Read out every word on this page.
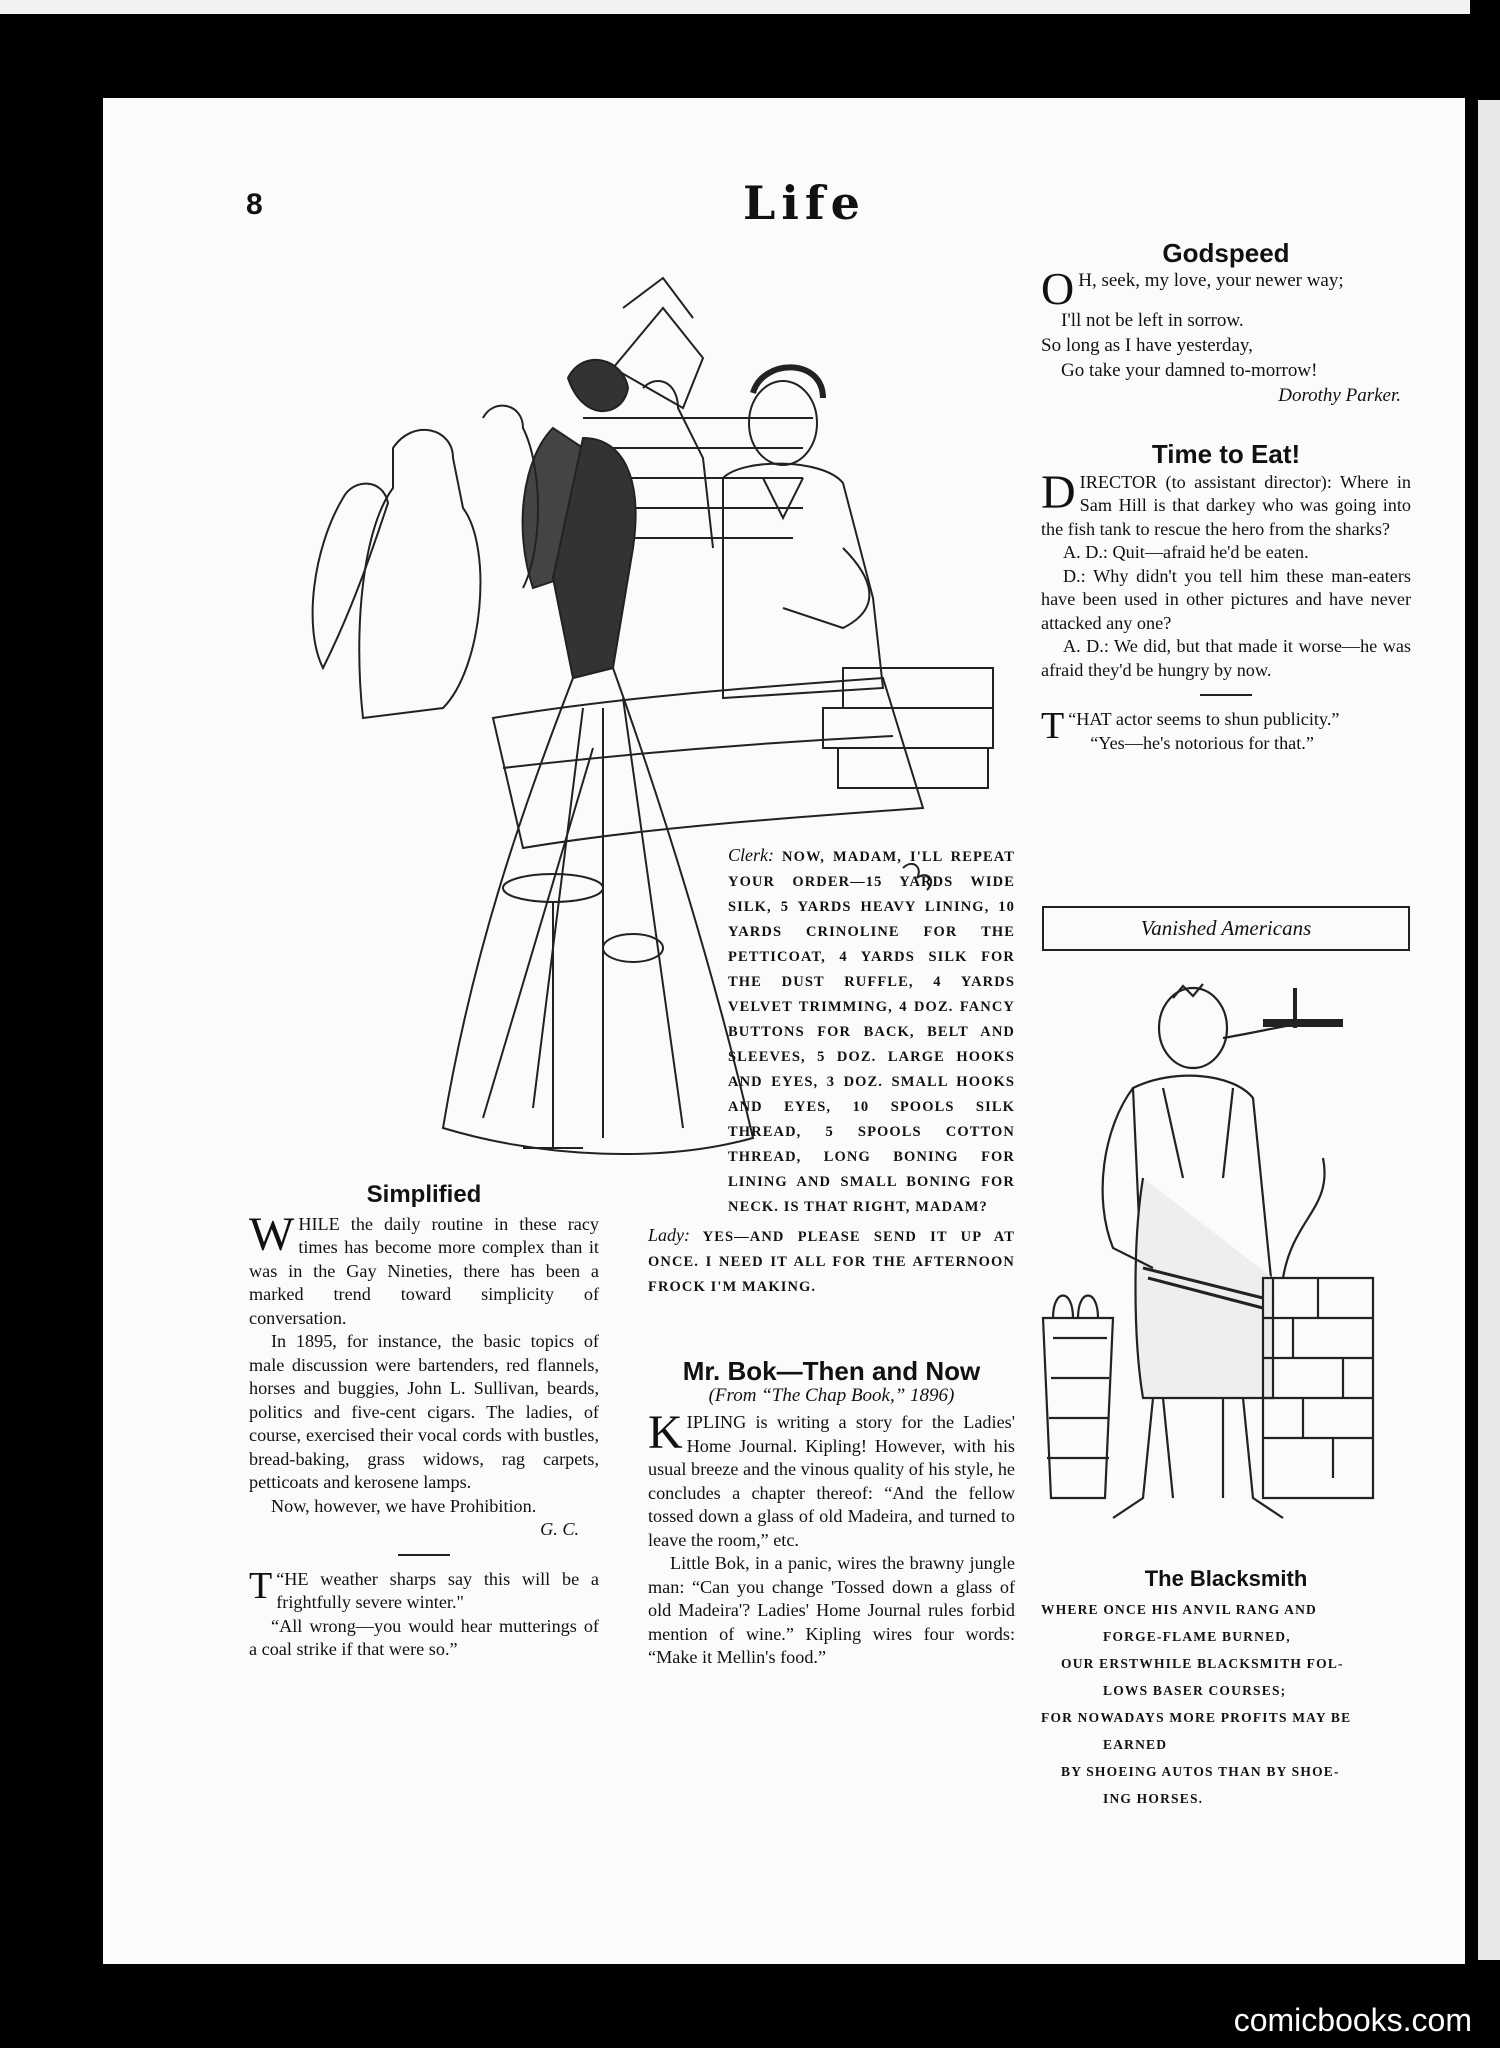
8	Life
Simplified

WHILE the daily routine in these racy times has become more complex than it was in the Gay Nineties, there has been a marked trend toward simplicity of conversation.

In 1895, for instance, the basic topics of male discussion were bartenders, red flannels, horses and buggies, John L. Sullivan, beards, politics and five-cent cigars. The ladies, of course, exercised their vocal cords with bustles, bread-baking, grass widows, rag carpets, petticoats and kerosene lamps.

Now, however, we have Prohibition.

G. C.

“
T HE weather sharps say this will be a frightfully severe winter."

“All wrong—you would hear mutterings of a coal strike if that were so.”

Clerk: NOW, MADAM, I'LL REPEAT YOUR ORDER—15 YARDS WIDE SILK, 5 YARDS HEAVY LINING, 10 YARDS CRINOLINE FOR THE PETTICOAT, 4 YARDS SILK FOR THE DUST RUFFLE, 4 YARDS VELVET TRIMMING, 4 DOZ. FANCY BUTTONS FOR BACK, BELT AND SLEEVES, 5 DOZ. LARGE HOOKS AND EYES, 3 DOZ. SMALL HOOKS AND EYES, 10 SPOOLS SILK THREAD, 5 SPOOLS COTTON THREAD, LONG BONING FOR LINING AND SMALL BONING FOR NECK. IS THAT RIGHT, MADAM?
Lady: YES—AND PLEASE SEND IT UP AT ONCE. I NEED IT ALL FOR THE AFTERNOON FROCK I'M MAKING.
Mr. Bok—Then and Now
(From “The Chap Book,” 1896)

KIPLING is writing a story for the Ladies' Home Journal. Kipling! However, with his usual breeze and the vinous quality of his style, he concludes a chapter thereof: “And the fellow tossed down a glass of old Madeira, and turned to leave the room,” etc.

Little Bok, in a panic, wires the brawny jungle man: “Can you change 'Tossed down a glass of old Madeira'? Ladies' Home Journal rules forbid mention of wine.” Kipling wires four words: “Make it Mellin's food.”

Godspeed
O H, seek, my love, your newer way;
I'll not be left in sorrow.
So long as I have yesterday,
Go take your damned to-morrow!
Dorothy Parker.
Time to Eat!

DIRECTOR (to assistant director): Where in Sam Hill is that darkey who was going into the fish tank to rescue the hero from the sharks?

A. D.: Quit—afraid he'd be eaten.

D.: Why didn't you tell him these man-eaters have been used in other pictures and have never attacked any one?

A. D.: We did, but that made it worse—he was afraid they'd be hungry by now.

“
T HAT actor seems to shun publicity.”

“Yes—he's notorious for that.”

Vanished Americans
The Blacksmith
WHERE ONCE HIS ANVIL RANG AND
FORGE-FLAME BURNED,
OUR ERSTWHILE BLACKSMITH FOL-
LOWS BASER COURSES;
FOR NOWADAYS MORE PROFITS MAY BE
EARNED
BY SHOEING AUTOS THAN BY SHOE-
ING HORSES.
comicbooks.com
